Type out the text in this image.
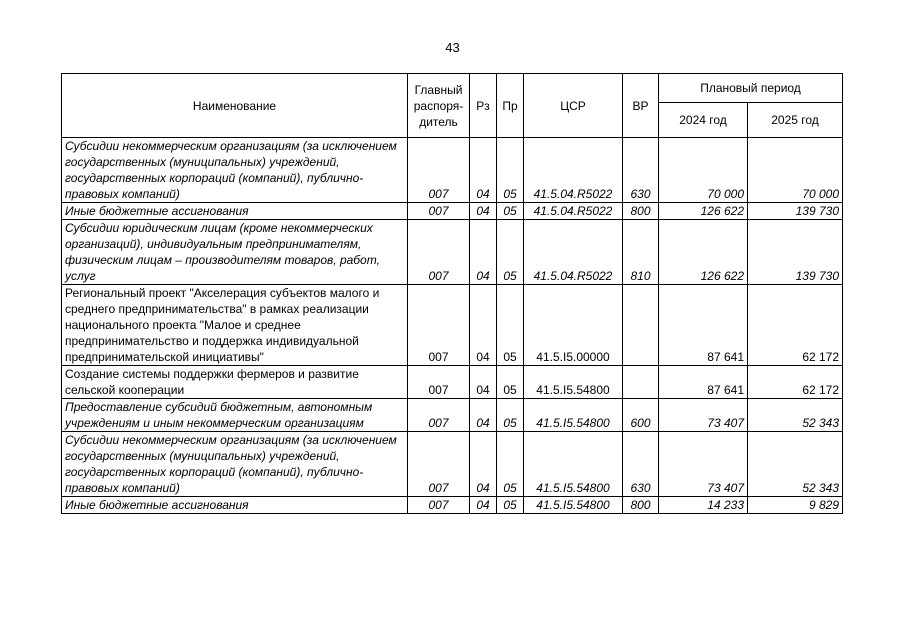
43
Наименование	Главный распоря-дитель	Рз	Пр	ЦСР	ВР	Плановый период	
						2024 год	2025 год
Субсидии некоммерческим организациям (за исключением государственных (муниципальных) учреждений, государственных корпораций (компаний), публично-правовых компаний)	007	04	05	41.5.04.R5022	630	70 000	70 000
Иные бюджетные ассигнования	007	04	05	41.5.04.R5022	800	126 622	139 730
Субсидии юридическим лицам (кроме некоммерческих организаций), индивидуальным предпринимателям, физическим лицам – производителям товаров, работ, услуг	007	04	05	41.5.04.R5022	810	126 622	139 730
Региональный проект "Акселерация субъектов малого и среднего предпринимательства" в рамках реализации национального проекта "Малое и среднее предпринимательство и поддержка индивидуальной предпринимательской инициативы"	007	04	05	41.5.I5.00000		87 641	62 172
Создание системы поддержки фермеров и развитие сельской кооперации	007	04	05	41.5.I5.54800		87 641	62 172
Предоставление субсидий бюджетным, автономным учреждениям и иным некоммерческим организациям	007	04	05	41.5.I5.54800	600	73 407	52 343
Субсидии некоммерческим организациям (за исключением государственных (муниципальных) учреждений, государственных корпораций (компаний), публично-правовых компаний)	007	04	05	41.5.I5.54800	630	73 407	52 343
Иные бюджетные ассигнования	007	04	05	41.5.I5.54800	800	14 233	9 829
